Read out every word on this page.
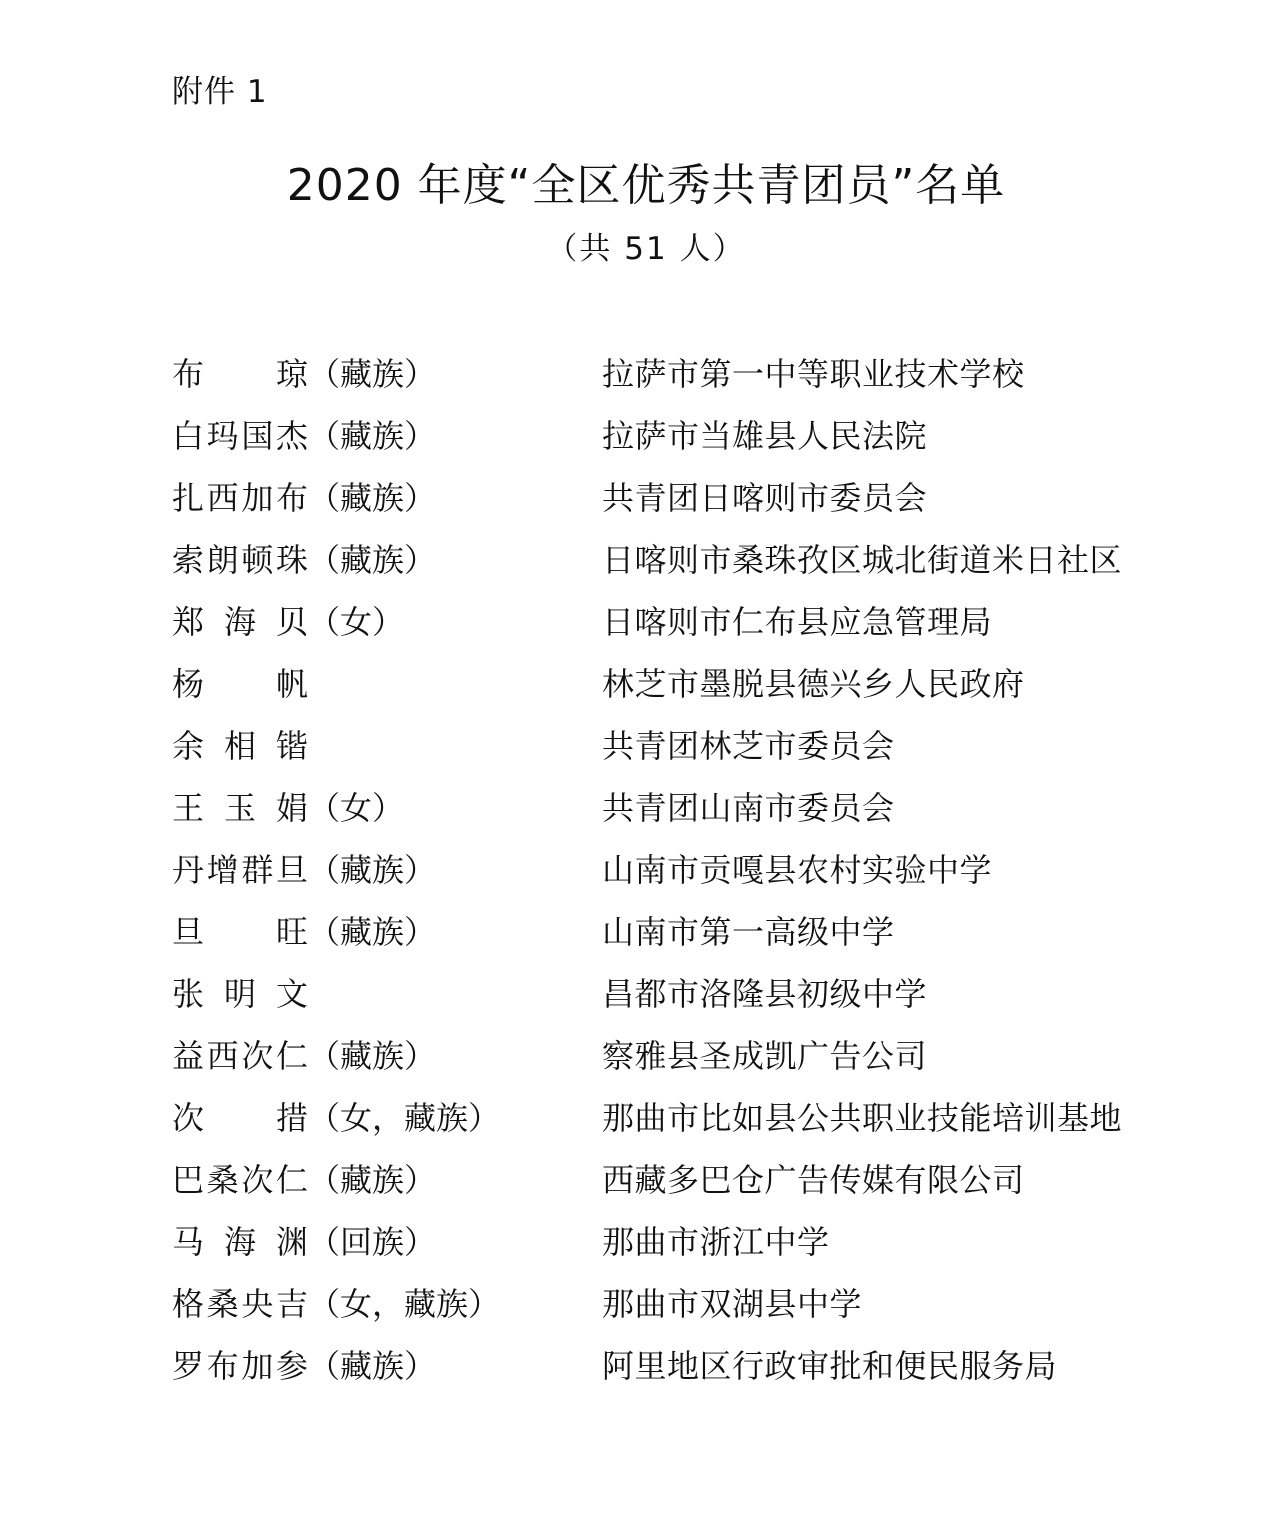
附件 1
2020 年度“全区优秀共青团员”名单
（共 51 人）
布琼（藏族）	拉萨市第一中等职业技术学校
白玛国杰（藏族）	拉萨市当雄县人民法院
扎西加布（藏族）	共青团日喀则市委员会
索朗顿珠（藏族）	日喀则市桑珠孜区城北街道米日社区
郑海贝（女）	日喀则市仁布县应急管理局
杨帆	林芝市墨脱县德兴乡人民政府
余相锴	共青团林芝市委员会
王玉娟（女）	共青团山南市委员会
丹增群旦（藏族）	山南市贡嘎县农村实验中学
旦旺（藏族）	山南市第一高级中学
张明文	昌都市洛隆县初级中学
益西次仁（藏族）	察雅县圣成凯广告公司
次措（女，藏族）	那曲市比如县公共职业技能培训基地
巴桑次仁（藏族）	西藏多巴仓广告传媒有限公司
马海渊（回族）	那曲市浙江中学
格桑央吉（女，藏族）	那曲市双湖县中学
罗布加参（藏族）	阿里地区行政审批和便民服务局
